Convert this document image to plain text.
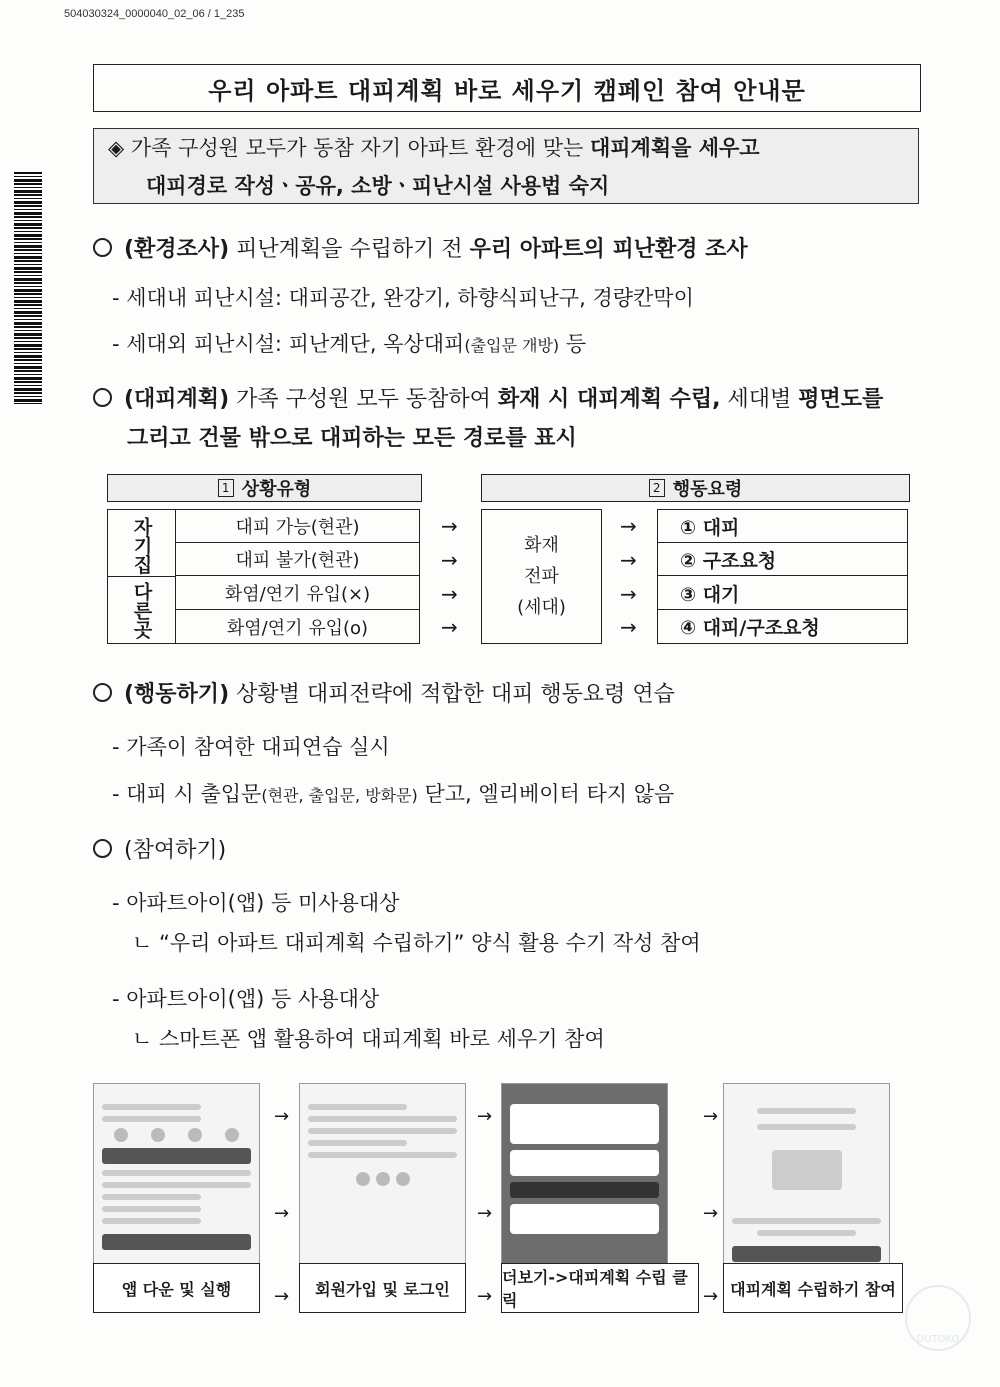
504030324_0000040_02_06 / 1_235
우리 아파트 대피계획 바로 세우기 캠페인 참여 안내문
◈ 가족 구성원 모두가 동참 자기 아파트 환경에 맞는 대피계획을 세우고
대피경로 작성ㆍ공유, 소방ㆍ피난시설 사용법 숙지
(환경조사) 피난계획을 수립하기 전 우리 아파트의 피난환경 조사
- 세대내 피난시설: 대피공간, 완강기, 하향식피난구, 경량칸막이
- 세대외 피난시설: 피난계단, 옥상대피(출입문 개방) 등
(대피계획) 가족 구성원 모두 동참하여 화재 시 대피계획 수립, 세대별 평면도를
그리고 건물 밖으로 대피하는 모든 경로를 표시
1 상황유형	2 행동요령
자기집
다른곳
대피 가능(현관)
대피 불가(현관)
화염/연기 유입(×)
화염/연기 유입(o)
→
→
→
→
화재
전파
(세대)
→
→
→
→
① 대피
② 구조요청
③ 대기
④ 대피/구조요청
(행동하기) 상황별 대피전략에 적합한 대피 행동요령 연습
- 가족이 참여한 대피연습 실시
- 대피 시 출입문(현관, 출입문, 방화문) 닫고, 엘리베이터 타지 않음
(참여하기)
- 아파트아이(앱) 등 미사용대상
ㄴ “우리 아파트 대피계획 수립하기” 양식 활용 수기 작성 참여
- 아파트아이(앱) 등 사용대상
ㄴ 스마트폰 앱 활용하여 대피계획 바로 세우기 참여
앱 다운 및 실행	회원가입 및 로그인
더보기->대피계획 수립 클릭
대피계획 수립하기 참여
→
→
→
→
→
→
→
→
→
DUTOKO
